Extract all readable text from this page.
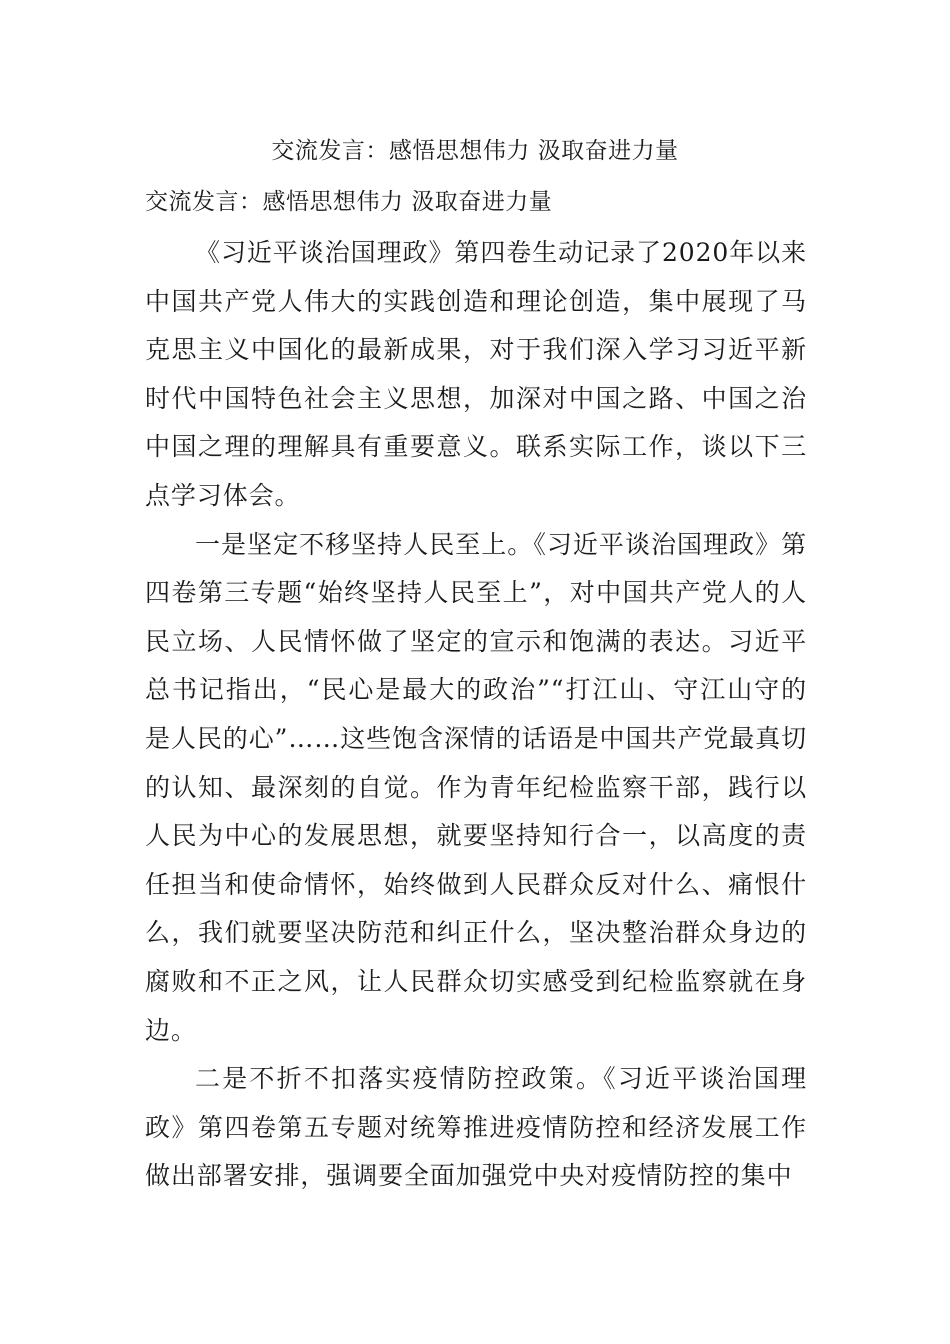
交流发言：感悟思想伟力 汲取奋进力量

交流发言：感悟思想伟力 汲取奋进力量

《习近平谈治国理政》第四卷生动记录了2020年以来中国共产党人伟大的实践创造和理论创造，集中展现了马克思主义中国化的最新成果，对于我们深入学习习近平新时代中国特色社会主义思想，加深对中国之路、中国之治中国之理的理解具有重要意义。联系实际工作，谈以下三点学习体会。

一是坚定不移坚持人民至上。《习近平谈治国理政》第四卷第三专题“始终坚持人民至上”，对中国共产党人的人民立场、人民情怀做了坚定的宣示和饱满的表达。习近平总书记指出，“民心是最大的政治”“打江山、守江山守的是人民的心”……这些饱含深情的话语是中国共产党最真切的认知、最深刻的自觉。作为青年纪检监察干部，践行以人民为中心的发展思想，就要坚持知行合一，以高度的责任担当和使命情怀，始终做到人民群众反对什么、痛恨什么，我们就要坚决防范和纠正什么，坚决整治群众身边的腐败和不正之风，让人民群众切实感受到纪检监察就在身边。

二是不折不扣落实疫情防控政策。《习近平谈治国理政》第四卷第五专题对统筹推进疫情防控和经济发展工作做出部署安排，强调要全面加强党中央对疫情防控的集中
